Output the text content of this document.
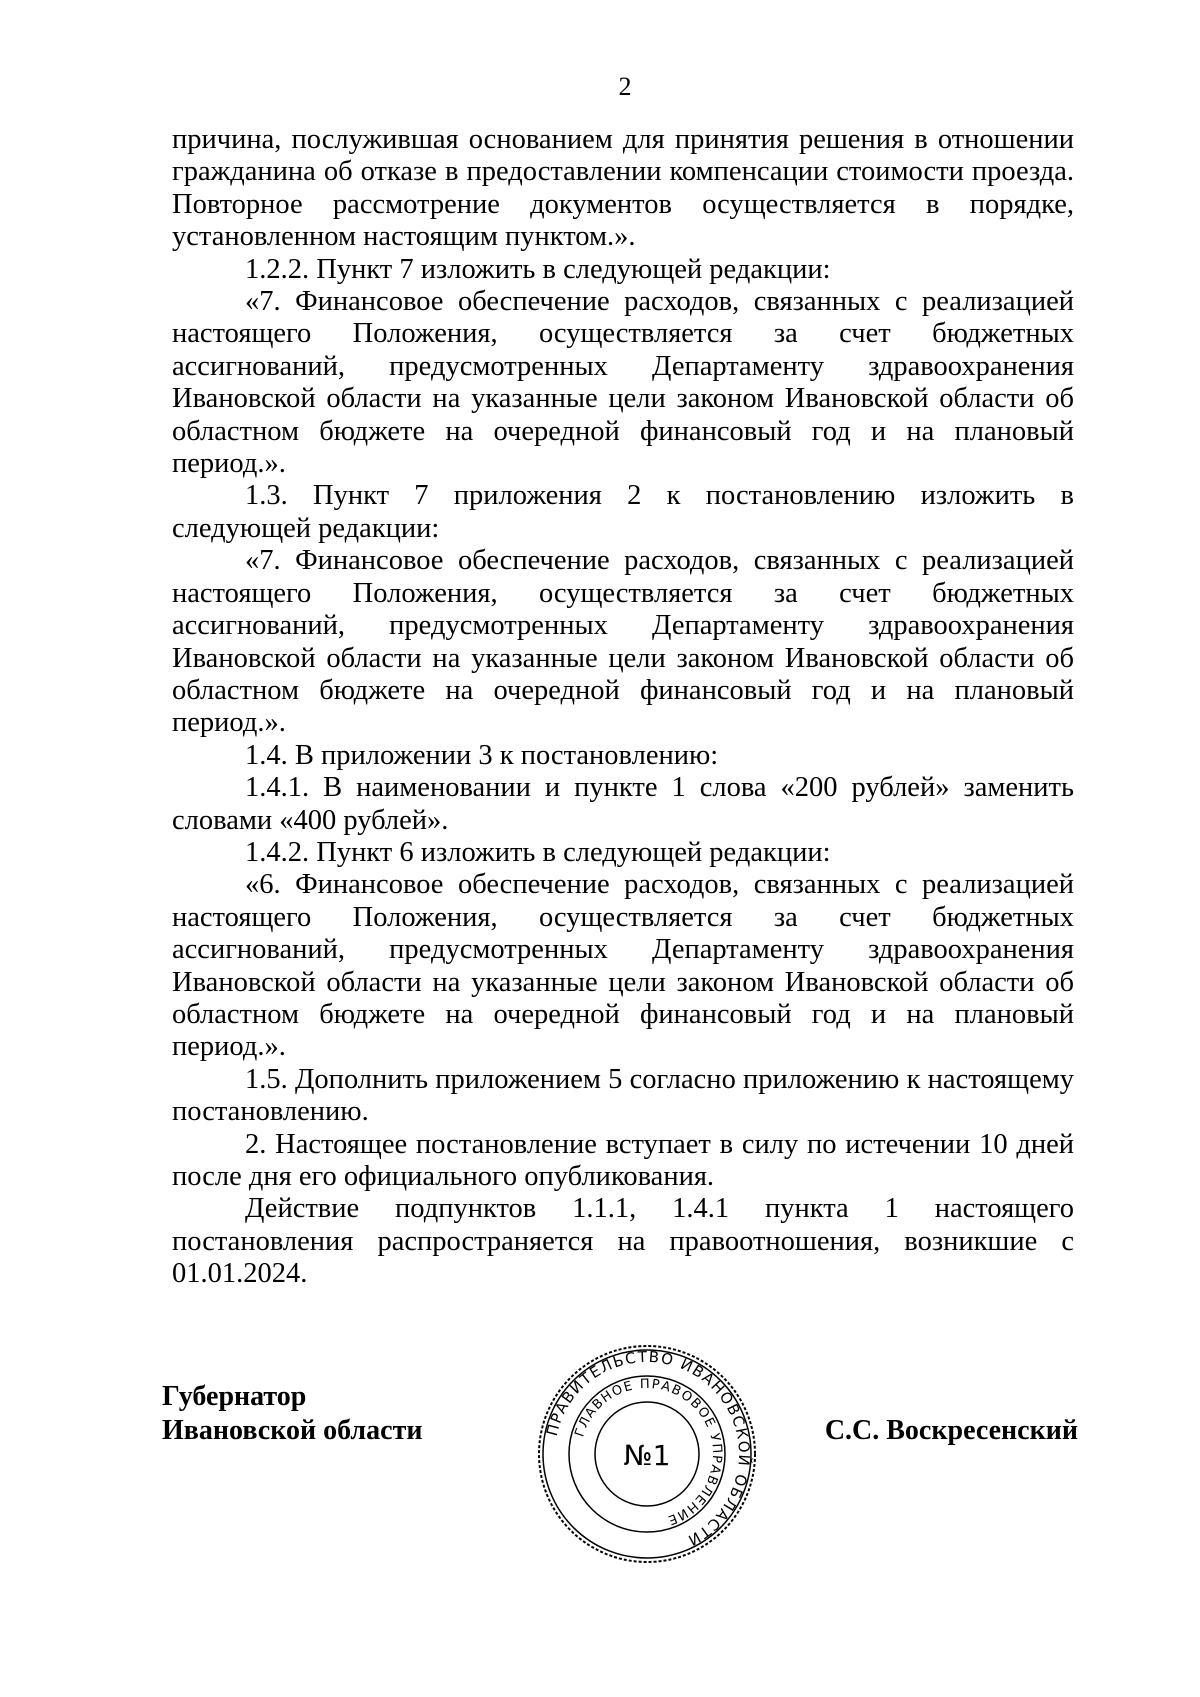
2

причина, послужившая основанием для принятия решения в отношении гражданина об отказе в предоставлении компенсации стоимости проезда. Повторное рассмотрение документов осуществляется в порядке, установленном настоящим пунктом.».

1.2.2. Пункт 7 изложить в следующей редакции:

«7. Финансовое обеспечение расходов, связанных с реализацией настоящего Положения, осуществляется за счет бюджетных ассигнований, предусмотренных Департаменту здравоохранения Ивановской области на указанные цели законом Ивановской области об областном бюджете на очередной финансовый год и на плановый период.».

1.3. Пункт 7 приложения 2 к постановлению изложить в следующей редакции:

«7. Финансовое обеспечение расходов, связанных с реализацией настоящего Положения, осуществляется за счет бюджетных ассигнований, предусмотренных Департаменту здравоохранения Ивановской области на указанные цели законом Ивановской области об областном бюджете на очередной финансовый год и на плановый период.».

1.4. В приложении 3 к постановлению:

1.4.1. В наименовании и пункте 1 слова «200 рублей» заменить словами «400 рублей».

1.4.2. Пункт 6 изложить в следующей редакции:

«6. Финансовое обеспечение расходов, связанных с реализацией настоящего Положения, осуществляется за счет бюджетных ассигнований, предусмотренных Департаменту здравоохранения Ивановской области на указанные цели законом Ивановской области об областном бюджете на очередной финансовый год и на плановый период.».

1.5. Дополнить приложением 5 согласно приложению к настоящему постановлению.

2. Настоящее постановление вступает в силу по истечении 10 дней после дня его официального опубликования.

Действие подпунктов 1.1.1, 1.4.1 пункта 1 настоящего постановления распространяется на правоотношения, возникшие с 01.01.2024.

Губернатор
Ивановской области	С.С. Воскресенский
ПРАВИТЕЛЬСТВО ИВАНОВСКОЙ ОБЛАСТИ
ГЛАВНОЕ ПРАВОВОЕ УПРАВЛЕНИЕ
№1
